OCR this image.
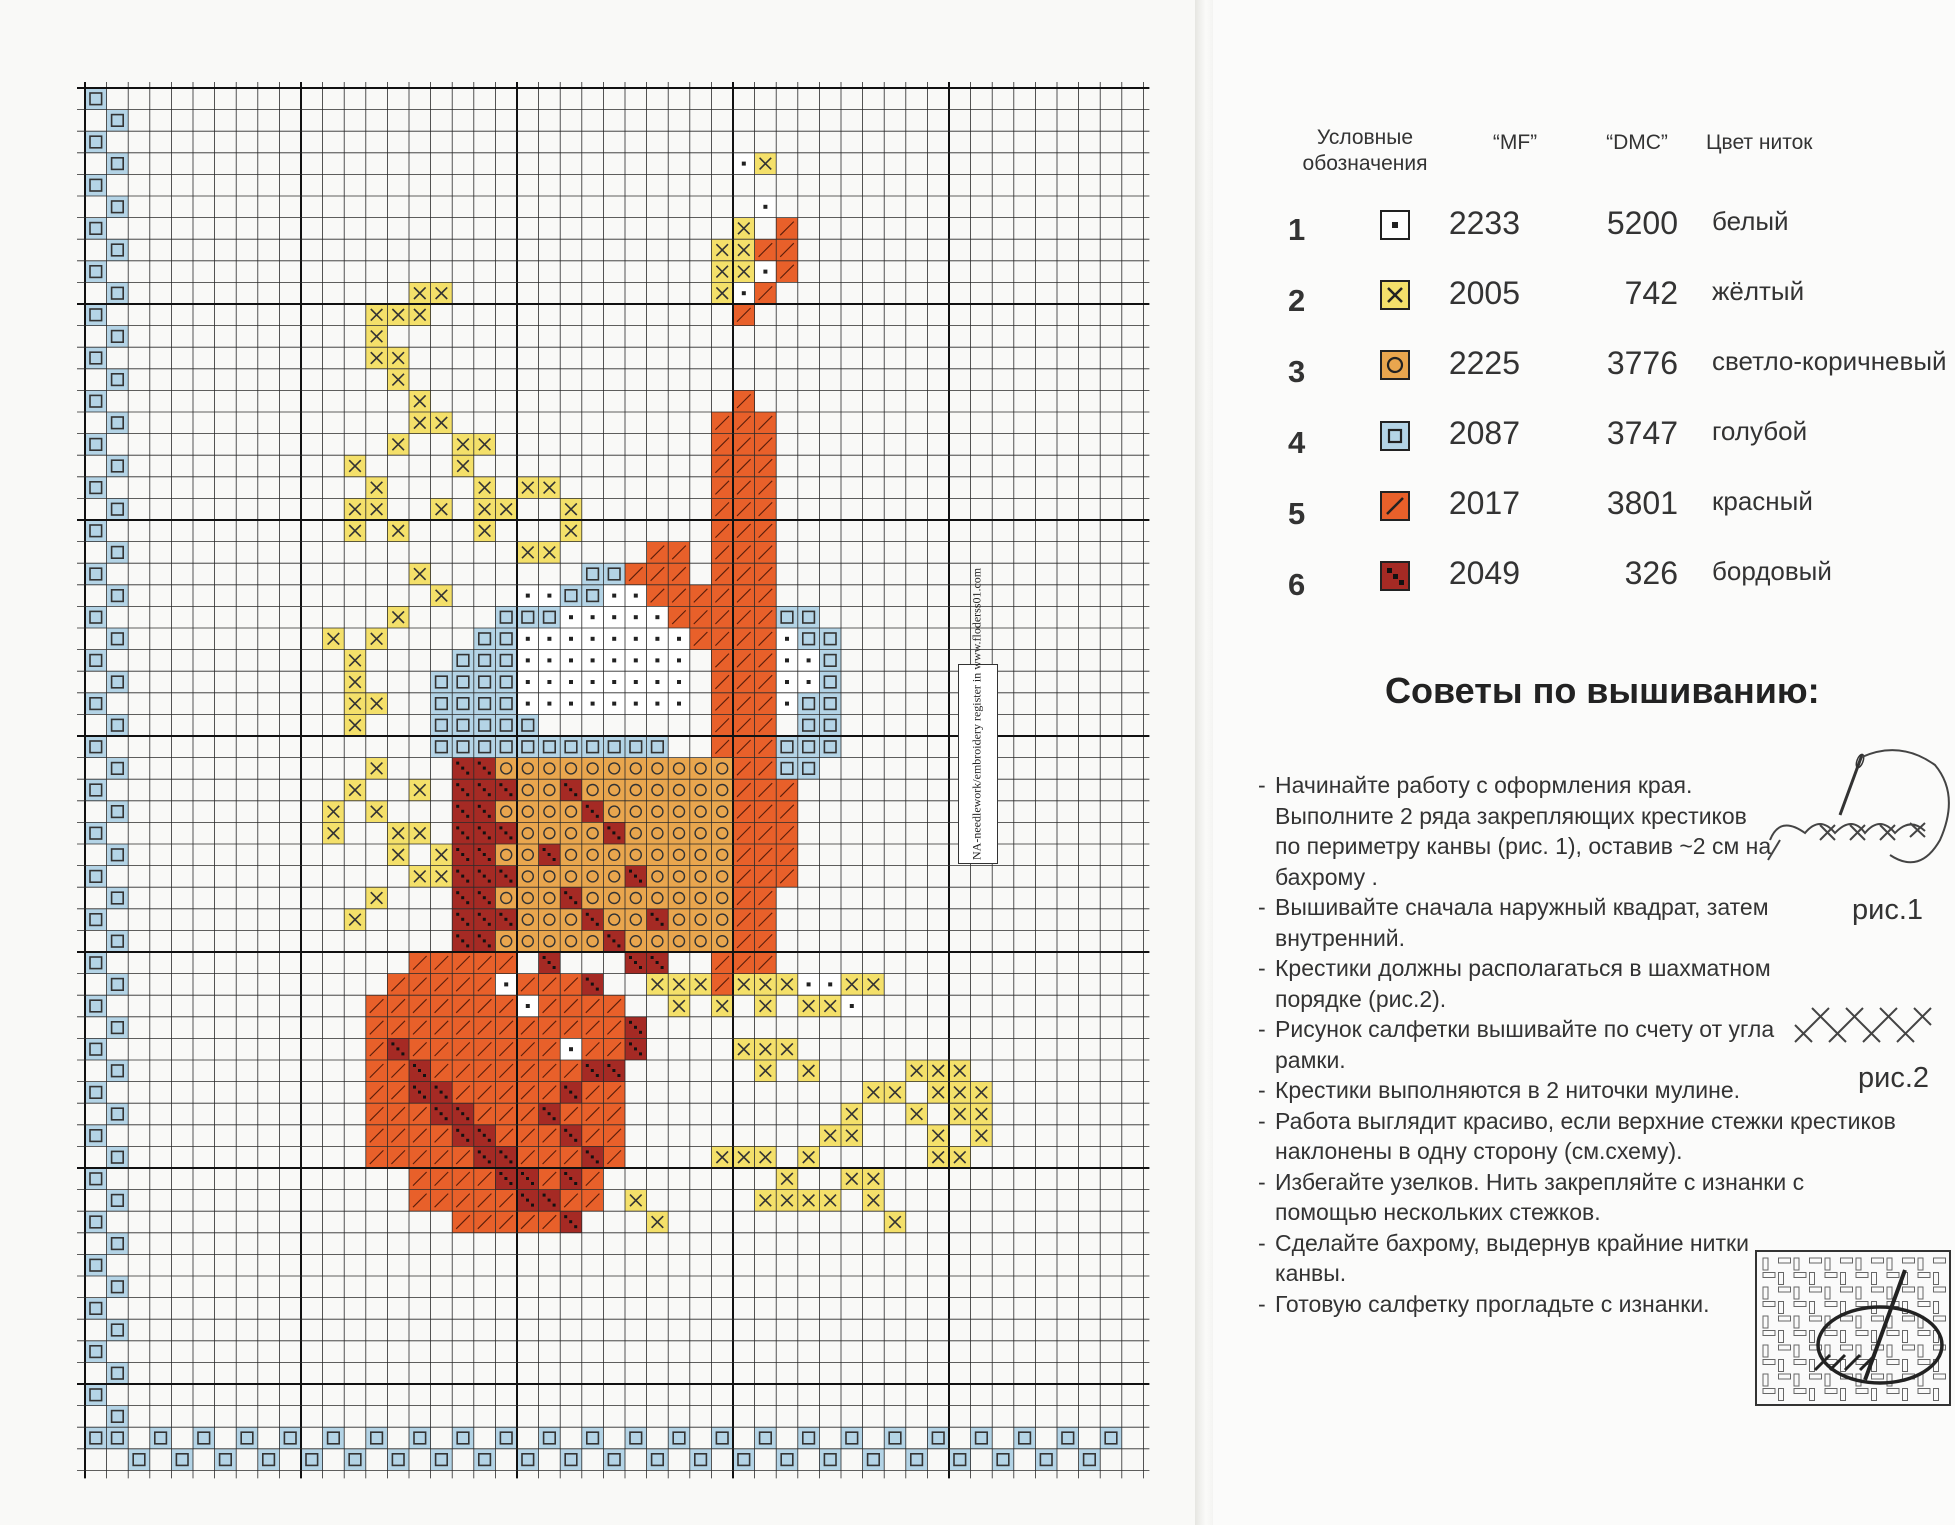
Условные обозначения
“MF”	“DMC”	Цвет ниток
1	2233	5200 белый
2	2005	742 жёлтый
3	2225	3776 светло-коричневый
4	2087	3747 голубой
5	2017	3801 красный
6	2049	326 бордовый
Советы по вышиванию:
- Начинайте работу с оформления края. Выполните 2 ряда закрепляющих крестиков по периметру канвы (рис. 1), оставив ~2 см на бахрому .
- Вышивайте сначала наружный квадрат, затем внутренний.
- Крестики должны располагаться в шахматном порядке (рис.2).
- Рисунок салфетки вышивайте по счету от угла рамки.
- Крестики выполняются в 2 ниточки мулине.
- Работа выглядит красиво, если верхние стежки крестиков наклонены в одну сторону (см.схему).
- Избегайте узелков. Нить закрепляйте с изнанки с помощью нескольких стежков.
- Сделайте бахрому, выдернув крайние нитки канвы.
- Готовую салфетку прогладьте с изнанки.
рис.1
рис.2
NA-needlework/embroidery register in www.floderss01.com
